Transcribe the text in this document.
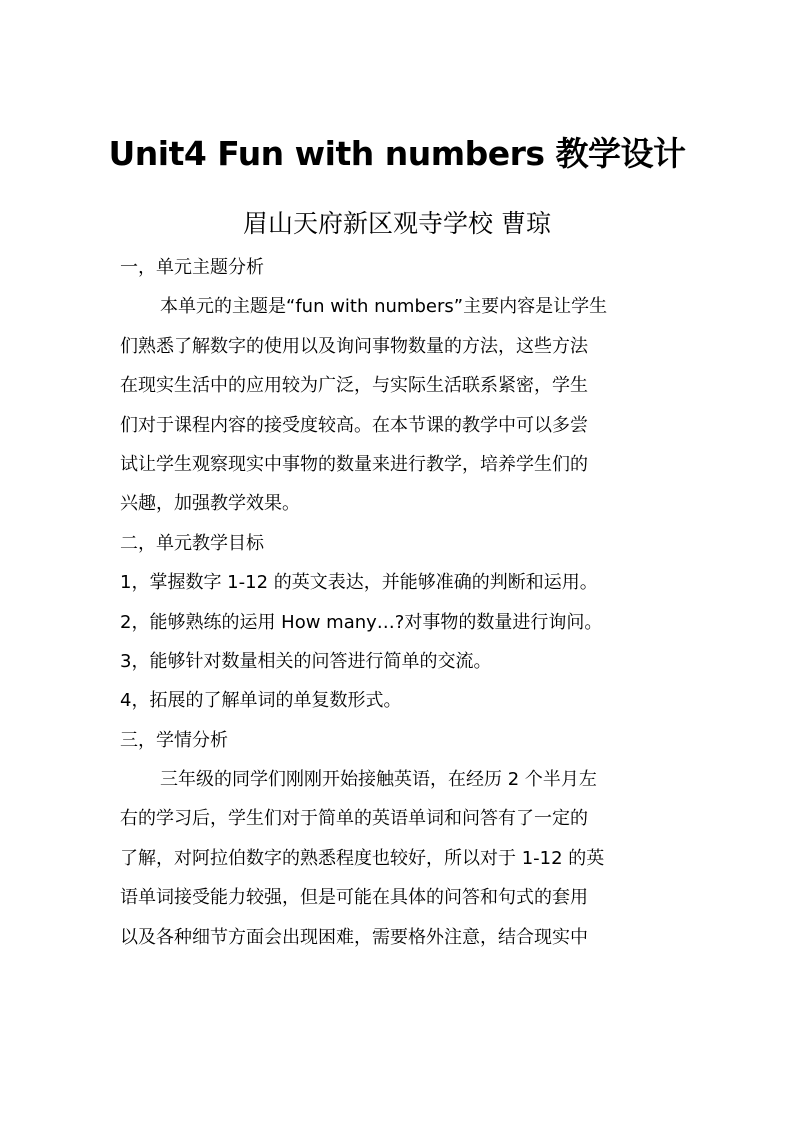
Unit4 Fun with numbers 教学设计
眉山天府新区观寺学校 曹琼
一，单元主题分析
本单元的主题是“fun with numbers”主要内容是让学生
们熟悉了解数字的使用以及询问事物数量的方法，这些方法
在现实生活中的应用较为广泛，与实际生活联系紧密，学生
们对于课程内容的接受度较高。在本节课的教学中可以多尝
试让学生观察现实中事物的数量来进行教学，培养学生们的
兴趣，加强教学效果。
二，单元教学目标
1，掌握数字 1-12 的英文表达，并能够准确的判断和运用。
2，能够熟练的运用 How many…?对事物的数量进行询问。
3，能够针对数量相关的问答进行简单的交流。
4，拓展的了解单词的单复数形式。
三，学情分析
三年级的同学们刚刚开始接触英语，在经历 2 个半月左
右的学习后，学生们对于简单的英语单词和问答有了一定的
了解，对阿拉伯数字的熟悉程度也较好，所以对于 1-12 的英
语单词接受能力较强，但是可能在具体的问答和句式的套用
以及各种细节方面会出现困难，需要格外注意，结合现实中
